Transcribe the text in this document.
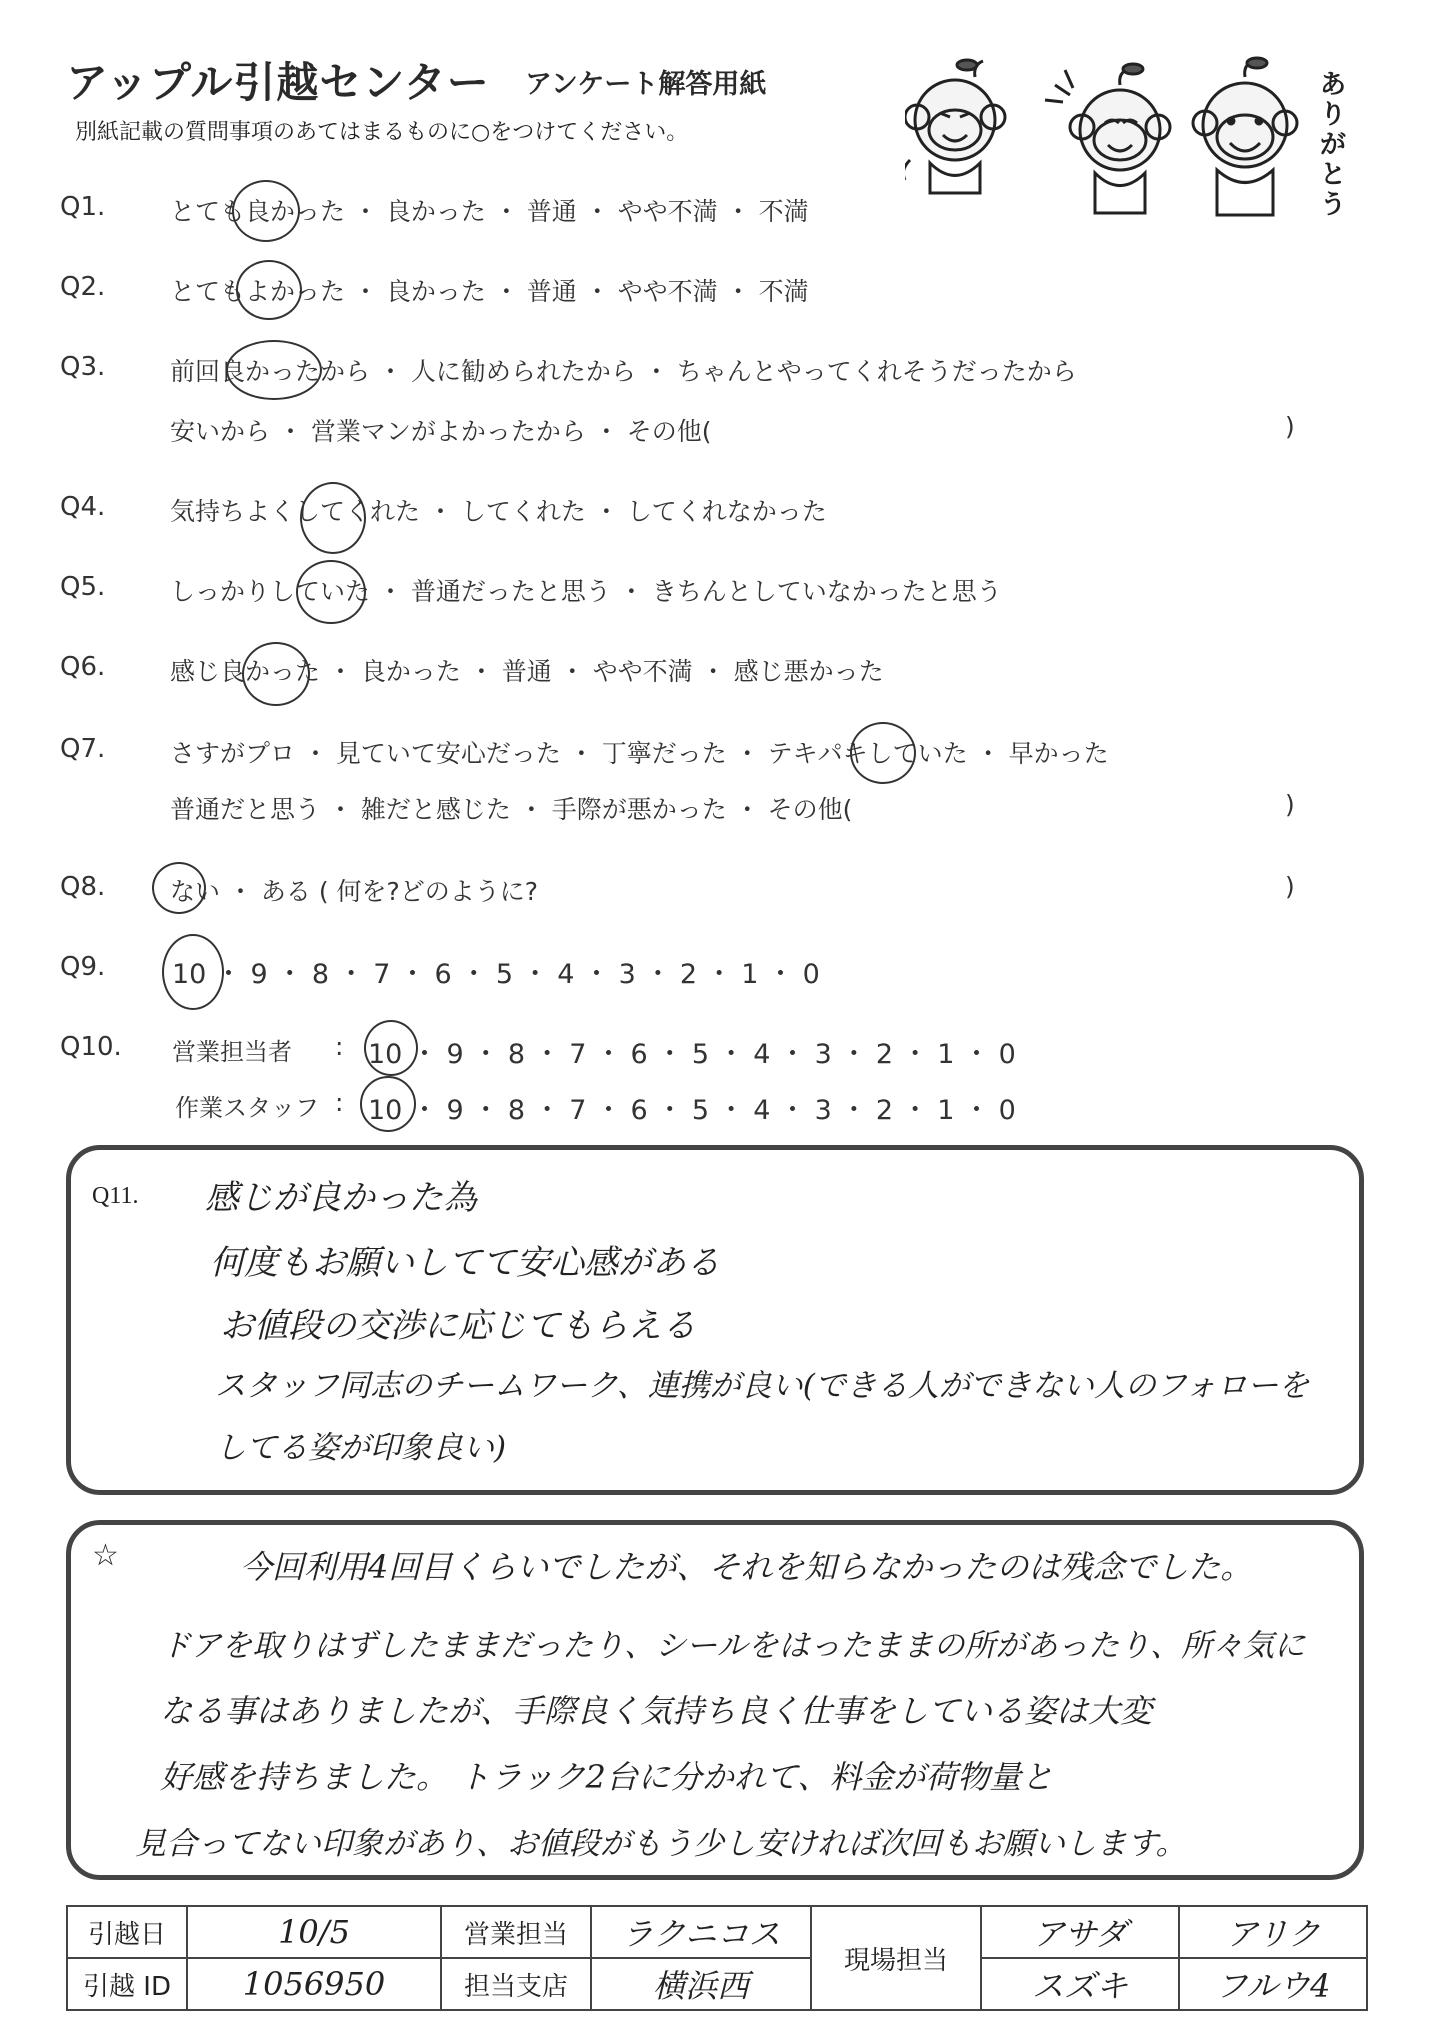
アップル引越センター アンケート解答用紙
別紙記載の質問事項のあてはまるものに○をつけてください。
ありがとう
Q1.	とても良かった ・ 良かった ・ 普通 ・ やや不満 ・ 不満
Q2.	とてもよかった ・ 良かった ・ 普通 ・ やや不満 ・ 不満
Q3.	前回良かったから ・ 人に勧められたから ・ ちゃんとやってくれそうだったから
安いから ・ 営業マンがよかったから ・ その他(	)
Q4.	気持ちよくしてくれた ・ してくれた ・ してくれなかった
Q5.	しっかりしていた ・ 普通だったと思う ・ きちんとしていなかったと思う
Q6.	感じ良かった ・ 良かった ・ 普通 ・ やや不満 ・ 感じ悪かった
Q7.	さすがプロ ・ 見ていて安心だった ・ 丁寧だった ・ テキパキしていた ・ 早かった
普通だと思う ・ 雑だと感じた ・ 手際が悪かった ・ その他(	)
Q8.	ない ・ ある ( 何を?どのように?	)
Q9. 10 ・ 9 ・ 8 ・ 7 ・ 6 ・ 5 ・ 4 ・ 3 ・ 2 ・ 1 ・ 0
Q10. 営業担当者 : 10 ・ 9 ・ 8 ・ 7 ・ 6 ・ 5 ・ 4 ・ 3 ・ 2 ・ 1 ・ 0
作業スタッフ : 10 ・ 9 ・ 8 ・ 7 ・ 6 ・ 5 ・ 4 ・ 3 ・ 2 ・ 1 ・ 0
Q11. 感じが良かった為
何度もお願いしてて安心感がある
お値段の交渉に応じてもらえる
スタッフ同志のチームワーク、連携が良い(できる人ができない人のフォローを
してる姿が印象良い)
☆	今回利用4回目くらいでしたが、それを知らなかったのは残念でした。
ドアを取りはずしたままだったり、シールをはったままの所があったり、所々気に
なる事はありましたが、手際良く気持ち良く仕事をしている姿は大変
好感を持ちました。 トラック2台に分かれて、料金が荷物量と
見合ってない印象があり、お値段がもう少し安ければ次回もお願いします。
引越日	10/5	営業担当	ラクニコス	現場担当	アサダ	アリク
引越 ID	1056950	担当支店	横浜西		スズキ	フルウ4
